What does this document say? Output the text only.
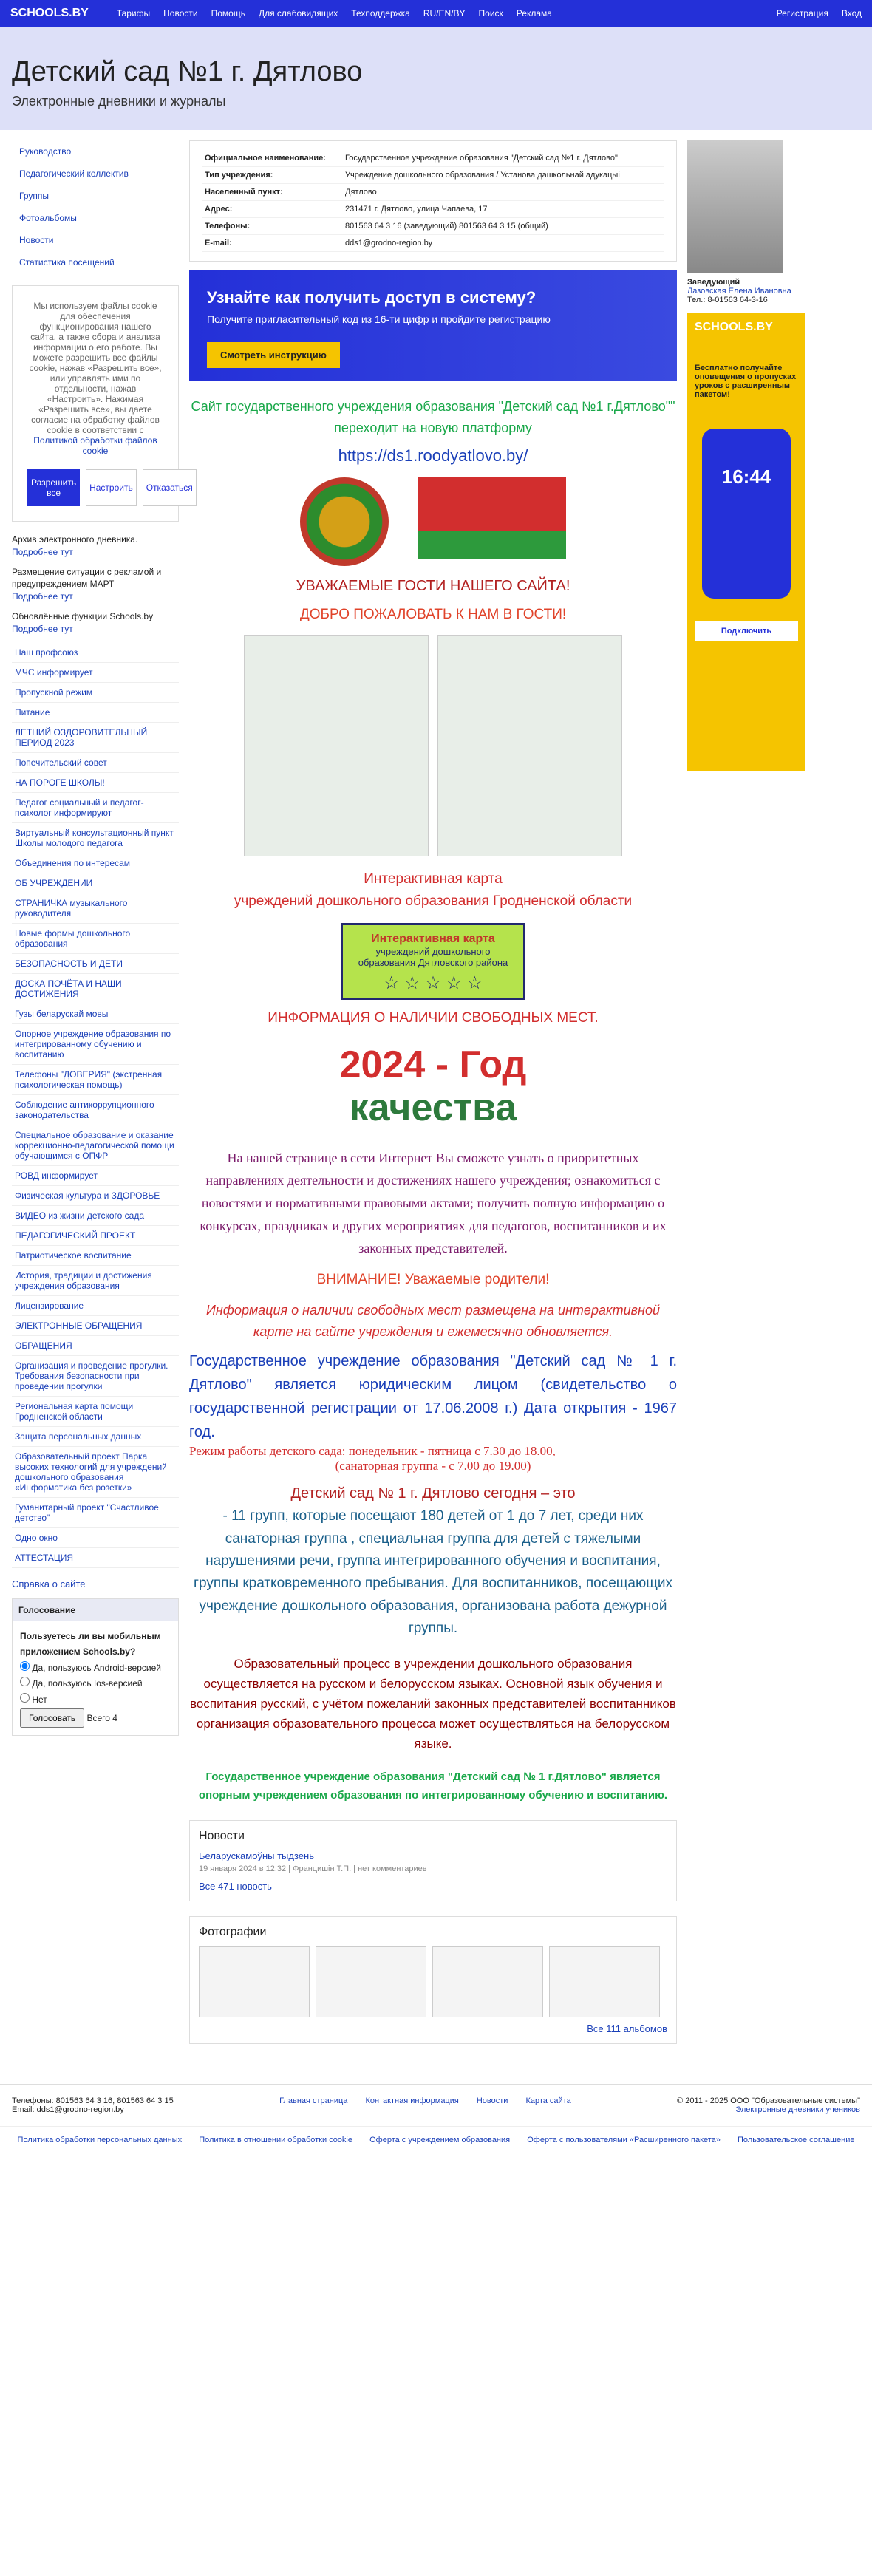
SCHOOLS.BY	Тарифы Новости Помощь Для слабовидящих Техподдержка RU/EN/BY Поиск Реклама	Регистрация Вход
Детский сад №1 г. Дятлово
Электронные дневники и журналы
Руководство
Педагогический коллектив
Группы
Фотоальбомы
Новости
Статистика посещений
Мы используем файлы cookie для обеспечения функционирования нашего сайта, а также сбора и анализа информации о его работе. Вы можете разрешить все файлы cookie, нажав «Разрешить все», или управлять ими по отдельности, нажав «Настроить». Нажимая «Разрешить все», вы даете согласие на обработку файлов cookie в соответствии с Политикой обработки файлов cookie
Разрешить все	Настроить	Отказаться
Архив электронного дневника.
Подробнее тут
Размещение ситуации с рекламой и предупреждением МАРТ
Подробнее тут
Обновлённые функции Schools.by
Подробнее тут
Наш профсоюз
МЧС информирует
Пропускной режим
Питание
ЛЕТНИЙ ОЗДОРОВИТЕЛЬНЫЙ ПЕРИОД 2023
Попечительский совет
НА ПОРОГЕ ШКОЛЫ!
Педагог социальный и педагог-психолог информируют
Виртуальный консультационный пункт Школы молодого педагога
Объединения по интересам
ОБ УЧРЕЖДЕНИИ
СТРАНИЧКА музыкального руководителя
Новые формы дошкольного образования
БЕЗОПАСНОСТЬ И ДЕТИ
ДОСКА ПОЧЁТА И НАШИ ДОСТИЖЕНИЯ
Гузы беларускай мовы
Опорное учреждение образования по интегрированному обучению и воспитанию
Телефоны "ДОВЕРИЯ" (экстренная психологическая помощь)
Соблюдение антикоррупционного законодательства
Специальное образование и оказание коррекционно-педагогической помощи обучающимся с ОПФР
РОВД информирует
Физическая культура и ЗДОРОВЬЕ
ВИДЕО из жизни детского сада
ПЕДАГОГИЧЕСКИЙ ПРОЕКТ
Патриотическое воспитание
История, традиции и достижения учреждения образования
Лицензирование
ЭЛЕКТРОННЫЕ ОБРАЩЕНИЯ
ОБРАЩЕНИЯ
Организация и проведение прогулки. Требования безопасности при проведении прогулки
Региональная карта помощи Гродненской области
Защита персональных данных
Образовательный проект Парка высоких технологий для учреждений дошкольного образования «Информатика без розетки»
Гуманитарный проект "Счастливое детство"
Одно окно
АТТЕСТАЦИЯ
Справка о сайте
Голосование
Пользуетесь ли вы мобильным приложением Schools.by?
Да, пользуюсь Android-версией
Да, пользуюсь Ios-версией
Нет
Голосовать Всего 4
Официальное наименование:	Государственное учреждение образования "Детский сад №1 г. Дятлово"
Тип учреждения:	Учреждение дошкольного образования / Установа дашкольнай адукацыі
Населенный пункт:	Дятлово
Адрес:	231471 г. Дятлово, улица Чапаева, 17
Телефоны:	801563 64 3 16 (заведующий) 801563 64 3 15 (общий)
E-mail:	dds1@grodno-region.by
Узнайте как получить доступ в систему?

Получите пригласительный код из 16-ти цифр и пройдите регистрацию

Смотреть инструкцию
Сайт государственного учреждения образования "Детский сад №1 г.Дятлово"" переходит на новую платформу
https://ds1.roodyatlovo.by/
УВАЖАЕМЫЕ ГОСТИ НАШЕГО САЙТА!
ДОБРО ПОЖАЛОВАТЬ К НАМ В ГОСТИ!
Интерактивная карта
учреждений дошкольного образования Гродненской области
Интерактивная карта
учреждений дошкольного образования Дятловского района
☆ ☆ ☆ ☆ ☆
ИНФОРМАЦИЯ О НАЛИЧИИ СВОБОДНЫХ МЕСТ.
2024 - Год
качества
На нашей странице в сети Интернет Вы сможете узнать о приоритетных направлениях деятельности и достижениях нашего учреждения; ознакомиться с новостями и нормативными правовыми актами; получить полную информацию о конкурсах, праздниках и других мероприятиях для педагогов, воспитанников и их законных представителей.
ВНИМАНИЕ! Уважаемые родители!
Информация о наличии свободных мест размещена на интерактивной карте на сайте учреждения и ежемесячно обновляется.
Государственное учреждение образования "Детский сад № 1 г. Дятлово" является юридическим лицом (свидетельство о государственной регистрации от 17.06.2008 г.) Дата открытия - 1967 год.
Режим работы детского сада: понедельник - пятница с 7.30 до 18.00,
(санаторная группа - с 7.00 до 19.00)
Детский сад № 1 г. Дятлово сегодня – это
- 11 групп, которые посещают 180 детей от 1 до 7 лет, среди них санаторная группа , специальная группа для детей с тяжелыми нарушениями речи, группа интегрированного обучения и воспитания, группы кратковременного пребывания. Для воспитанников, посещающих учреждение дошкольного образования, организована работа дежурной группы.
Образовательный процесс в учреждении дошкольного образования осуществляется на русском и белорусском языках. Основной язык обучения и воспитания русский, с учётом пожеланий законных представителей воспитанников организация образовательного процесса может осуществляться на белорусском языке.
Государственное учреждение образования "Детский сад № 1 г.Дятлово" является опорным учреждением образования по интегрированному обучению и воспитанию.
Новости
Беларускамоўны тыдзень
19 января 2024 в 12:32 | Францишін Т.П. | нет комментариев
Все 471 новость
Фотографии
Все 111 альбомов
Заведующий
Лазовская Елена Ивановна
Тел.: 8-01563 64-3-16
SCHOOLS.BY
Бесплатно получайте оповещения о пропусках уроков с расширенным пакетом!
16:44
Подключить
Телефоны: 801563 64 3 16, 801563 64 3 15
Email: dds1@grodno-region.by
Главная страница Контактная информация Новости Карта сайта	© 2011 - 2025 ООО "Образовательные системы"
Электронные дневники учеников
Политика обработки персональных данных Политика в отношении обработки cookie Оферта с учреждением образования Оферта с пользователями «Расширенного пакета» Пользовательское соглашение
